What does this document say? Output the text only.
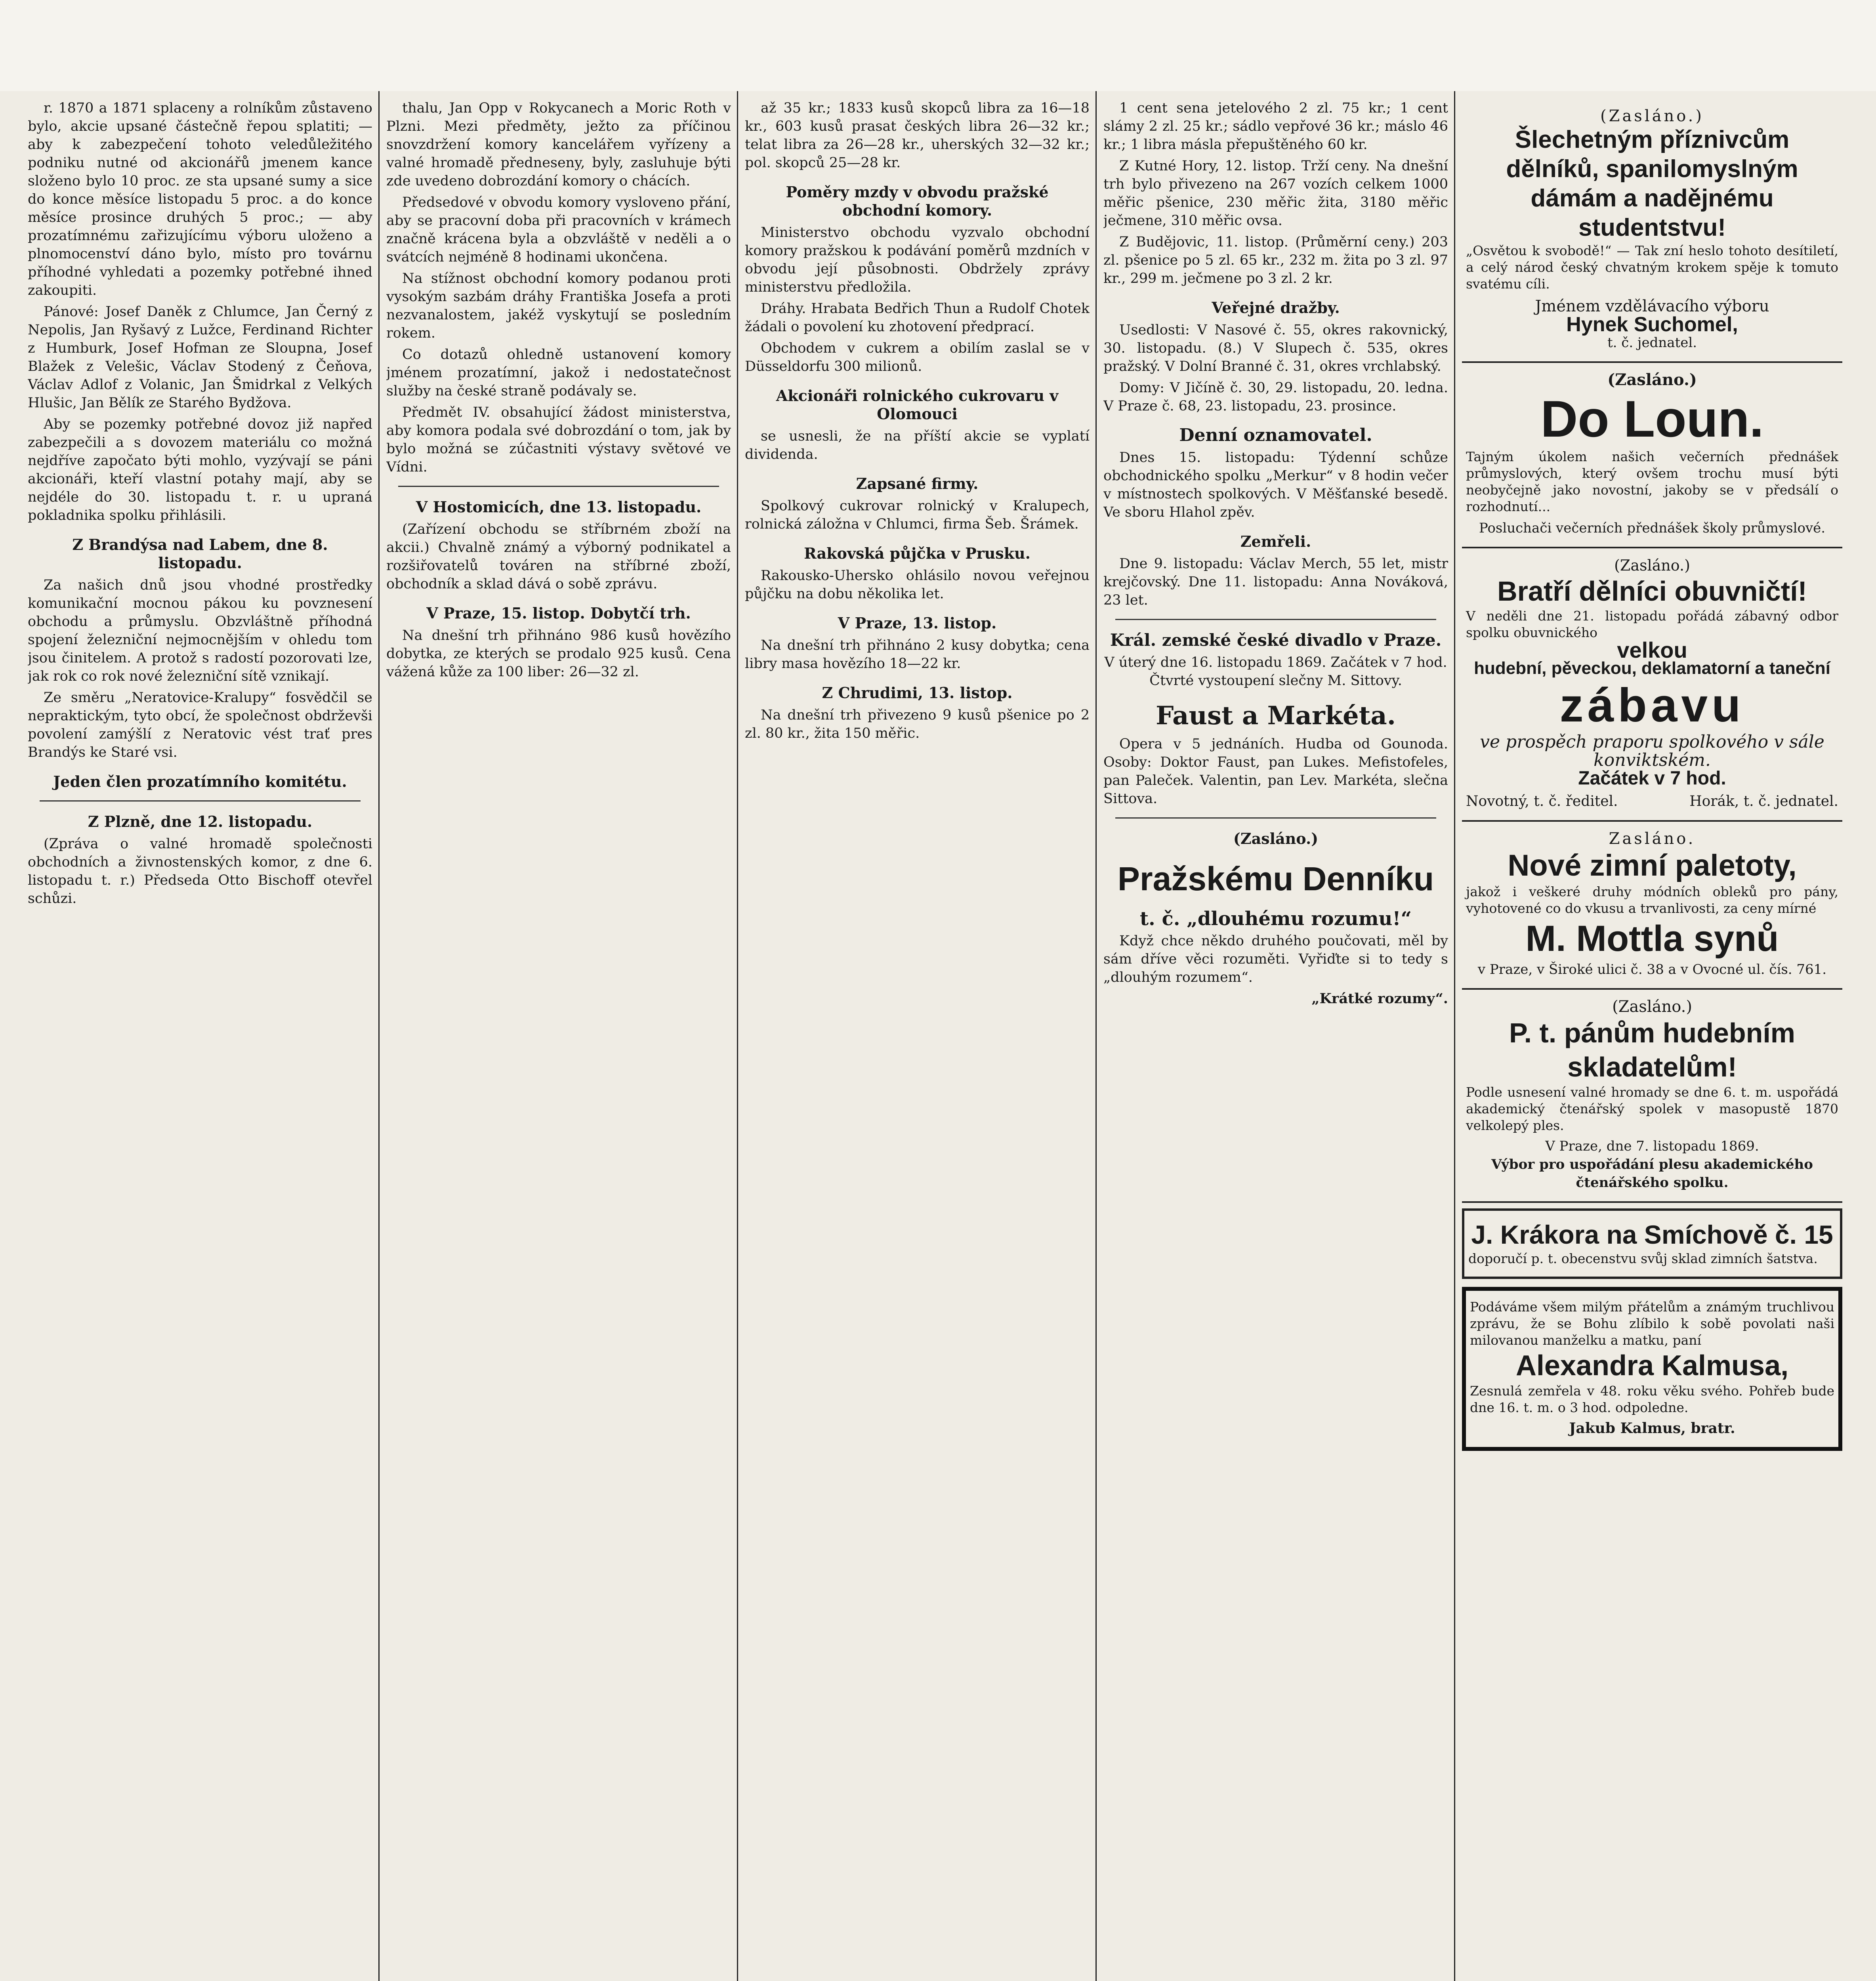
r. 1870 a 1871 splaceny a rolníkům zůstaveno bylo, akcie upsané částečně řepou splatiti; — aby k zabezpečení tohoto veledůležitého podniku nutné od akcionářů jmenem kance složeno bylo 10 proc. ze sta upsané sumy a sice do konce měsíce listopadu 5 proc. a do konce měsíce prosince druhých 5 proc.; — aby prozatímnému zařizujícímu výboru uloženo a plnomocenství dáno bylo, místo pro továrnu příhodné vyhledati a pozemky potřebné ihned zakoupiti.

Pánové: Josef Daněk z Chlumce, Jan Černý z Nepolis, Jan Ryšavý z Lužce, Ferdinand Richter z Humburk, Josef Hofman ze Sloupna, Josef Blažek z Velešic, Václav Stodený z Čeňova, Václav Adlof z Volanic, Jan Šmidrkal z Velkých Hlušic, Jan Bělík ze Starého Bydžova.

Aby se pozemky potřebné dovoz již napřed zabezpečili a s dovozem materiálu co možná nejdříve započato býti mohlo, vyzývají se páni akcionáři, kteří vlastní potahy mají, aby se nejdéle do 30. listopadu t. r. u upraná pokladnika spolku přihlásili.

Z Brandýsa nad Labem, dne 8. listopadu.

Za našich dnů jsou vhodné prostředky komunikační mocnou pákou ku povznesení obchodu a průmyslu. Obzvláštně příhodná spojení železniční nejmocnějším v ohledu tom jsou činitelem. A protož s radostí pozorovati lze, jak rok co rok nové železniční sítě vznikají.

Ze směru „Neratovice-Kralupy“ fosvědčil se nepraktickým, tyto obcí, že společnost obdrževši povolení zamýšlí z Neratovic vést trať pres Brandýs ke Staré vsi.

Jeden člen prozatímního komitétu.
Z Plzně, dne 12. listopadu.

(Zpráva o valné hromadě společnosti obchodních a živnostenských komor, z dne 6. listopadu t. r.) Předseda Otto Bischoff otevřel schůzi.

thalu, Jan Opp v Rokycanech a Moric Roth v Plzni. Mezi předměty, ježto za příčinou snovzdržení komory kancelářem vyřízeny a valné hromadě předneseny, byly, zasluhuje býti zde uvedeno dobrozdání komory o chácích.

Předsedové v obvodu komory vysloveno přání, aby se pracovní doba při pracovních v krámech značně krácena byla a obzvláště v neděli a o svátcích nejméně 8 hodinami ukončena.

Na stížnost obchodní komory podanou proti vysokým sazbám dráhy Františka Josefa a proti nezvanalostem, jakéž vyskytují se posledním rokem.

Co dotazů ohledně ustanovení komory jménem prozatímní, jakož i nedostatečnost služby na české straně podávaly se.

Předmět IV. obsahující žádost ministerstva, aby komora podala své dobrozdání o tom, jak by bylo možná se zúčastniti výstavy světové ve Vídni.

V Hostomicích, dne 13. listopadu.

(Zařízení obchodu se stříbrném zboží na akcii.) Chvalně známý a výborný podnikatel a rozšiřovatelů továren na stříbrné zboží, obchodník a sklad dává o sobě zprávu.

V Praze, 15. listop. Dobytčí trh.

Na dnešní trh přihnáno 986 kusů hovězího dobytka, ze kterých se prodalo 925 kusů. Cena vážená kůže za 100 liber: 26—32 zl.

až 35 kr.; 1833 kusů skopců libra za 16—18 kr., 603 kusů prasat českých libra 26—32 kr.; telat libra za 26—28 kr., uherských 32—32 kr.; pol. skopců 25—28 kr.

Poměry mzdy v obvodu pražské obchodní komory.

Ministerstvo obchodu vyzvalo obchodní komory pražskou k podávání poměrů mzdních v obvodu její působnosti. Obdržely zprávy ministerstvu předložila.

Dráhy. Hrabata Bedřich Thun a Rudolf Chotek žádali o povolení ku zhotovení předprací.

Obchodem v cukrem a obilím zaslal se v Düsseldorfu 300 milionů.

Akcionáři rolnického cukrovaru v Olomouci

se usnesli, že na příští akcie se vyplatí dividenda.

Zapsané firmy.

Spolkový cukrovar rolnický v Kralupech, rolnická záložna v Chlumci, firma Šeb. Šrámek.

Rakovská půjčka v Prusku.

Rakousko-Uhersko ohlásilo novou veřejnou půjčku na dobu několika let.

V Praze, 13. listop.

Na dnešní trh přihnáno 2 kusy dobytka; cena libry masa hovězího 18—22 kr.

Z Chrudimi, 13. listop.

Na dnešní trh přivezeno 9 kusů pšenice po 2 zl. 80 kr., žita 150 měřic.

1 cent sena jetelového 2 zl. 75 kr.; 1 cent slámy 2 zl. 25 kr.; sádlo vepřové 36 kr.; máslo 46 kr.; 1 libra másla přepuštěného 60 kr.

Z Kutné Hory, 12. listop. Trží ceny. Na dnešní trh bylo přivezeno na 267 vozích celkem 1000 měřic pšenice, 230 měřic žita, 3180 měřic ječmene, 310 měřic ovsa.

Z Budějovic, 11. listop. (Průměrní ceny.) 203 zl. pšenice po 5 zl. 65 kr., 232 m. žita po 3 zl. 97 kr., 299 m. ječmene po 3 zl. 2 kr.

Veřejné dražby.

Usedlosti: V Nasové č. 55, okres rakovnický, 30. listopadu. (8.) V Slupech č. 535, okres pražský. V Dolní Branné č. 31, okres vrchlabský.

Domy: V Jičíně č. 30, 29. listopadu, 20. ledna. V Praze č. 68, 23. listopadu, 23. prosince.

Denní oznamovatel.

Dnes 15. listopadu: Týdenní schůze obchodnického spolku „Merkur“ v 8 hodin večer v místnostech spolkových. V Měšťanské besedě. Ve sboru Hlahol zpěv.

Zemřeli.

Dne 9. listopadu: Václav Merch, 55 let, mistr krejčovský. Dne 11. listopadu: Anna Nováková, 23 let.

Král. zemské české divadlo v Praze.

V úterý dne 16. listopadu 1869. Začátek v 7 hod. Čtvrté vystoupení slečny M. Sittovy.

Faust a Markéta.

Opera v 5 jednáních. Hudba od Gounoda. Osoby: Doktor Faust, pan Lukes. Mefistofeles, pan Paleček. Valentin, pan Lev. Markéta, slečna Sittova.

(Zasláno.)
Pražskému Denníku
t. č. „dlouhému rozumu!“

Když chce někdo druhého poučovati, měl by sám dříve věci rozuměti. Vyřiďte si to tedy s „dlouhým rozumem“.

„Krátké rozumy“.

(Zasláno.)
Šlechetným příznivcům dělníků, spanilomyslným dámám a nadějnému studentstvu!
„Osvětou k svobodě!“ — Tak zní heslo tohoto desítiletí, a celý národ český chvatným krokem spěje k tomuto svatému cíli.
Jménem vzdělávacího výboru
Hynek Suchomel,
t. č. jednatel.
(Zasláno.)
Do Loun.
Tajným úkolem našich večerních přednášek průmyslových, který ovšem trochu musí býti neobyčejně jako novostní, jakoby se v předsálí o rozhodnutí...
Posluchači večerních přednášek školy průmyslové.
(Zasláno.)
Bratří dělníci obuvničtí!
V neděli dne 21. listopadu pořádá zábavný odbor spolku obuvnického
velkou
hudební, pěveckou, deklamatorní a taneční
zábavu
ve prospěch praporu spolkového v sále konviktském.
Začátek v 7 hod.
Novotný, t. č. ředitel.	Horák, t. č. jednatel.
Zasláno.
Nové zimní paletoty,
jakož i veškeré druhy módních obleků pro pány, vyhotovené co do vkusu a trvanlivosti, za ceny mírné
M. Mottla synů
v Praze, v Široké ulici č. 38 a v Ovocné ul. čís. 761.
(Zasláno.)
P. t. pánům hudebním skladatelům!
Podle usnesení valné hromady se dne 6. t. m. uspořádá akademický čtenářský spolek v masopustě 1870 velkolepý ples.
V Praze, dne 7. listopadu 1869.
Výbor pro uspořádání plesu akademického čtenářského spolku.
J. Krákora na Smíchově č. 15
doporučí p. t. obecenstvu svůj sklad zimních šatstva.
Podáváme všem milým přátelům a známým truchlivou zprávu, že se Bohu zlíbilo k sobě povolati naši milovanou manželku a matku, paní
Alexandra Kalmusa,
Zesnulá zemřela v 48. roku věku svého. Pohřeb bude dne 16. t. m. o 3 hod. odpoledne.
Jakub Kalmus, bratr.
